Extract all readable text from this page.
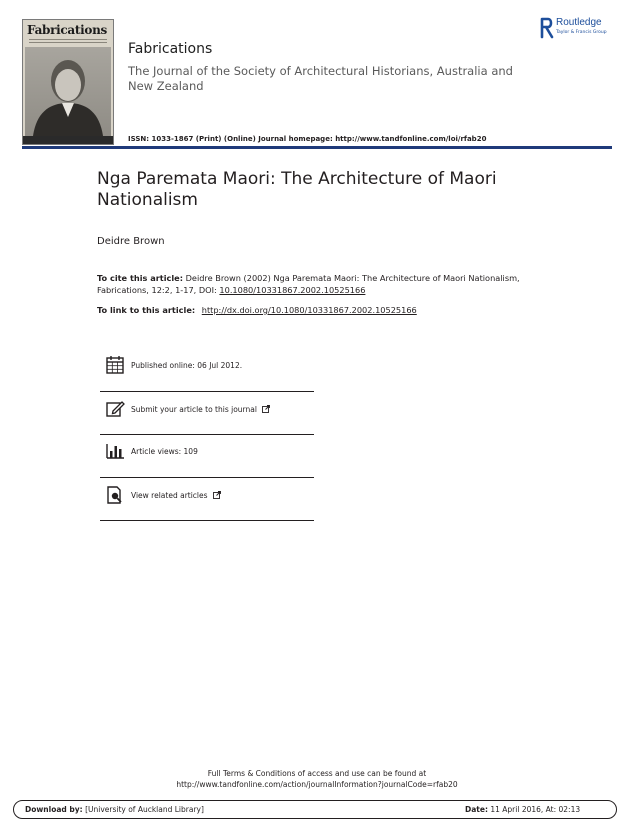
Fabrications
Fabrications
The Journal of the Society of Architectural Historians, Australia and New Zealand
ISSN: 1033-1867 (Print) (Online) Journal homepage: http://www.tandfonline.com/loi/rfab20
Routledge
Taylor & Francis Group
Nga Paremata Maori: The Architecture of Maori Nationalism
Deidre Brown
To cite this article: Deidre Brown (2002) Nga Paremata Maori: The Architecture of Maori Nationalism, Fabrications, 12:2, 1-17, DOI: 10.1080/10331867.2002.10525166
To link to this article: http://dx.doi.org/10.1080/10331867.2002.10525166
Published online: 06 Jul 2012.
Submit your article to this journal
Article views: 109
View related articles
Full Terms & Conditions of access and use can be found at
http://www.tandfonline.com/action/journalInformation?journalCode=rfab20
Download by: [University of Auckland Library]	Date: 11 April 2016, At: 02:13
